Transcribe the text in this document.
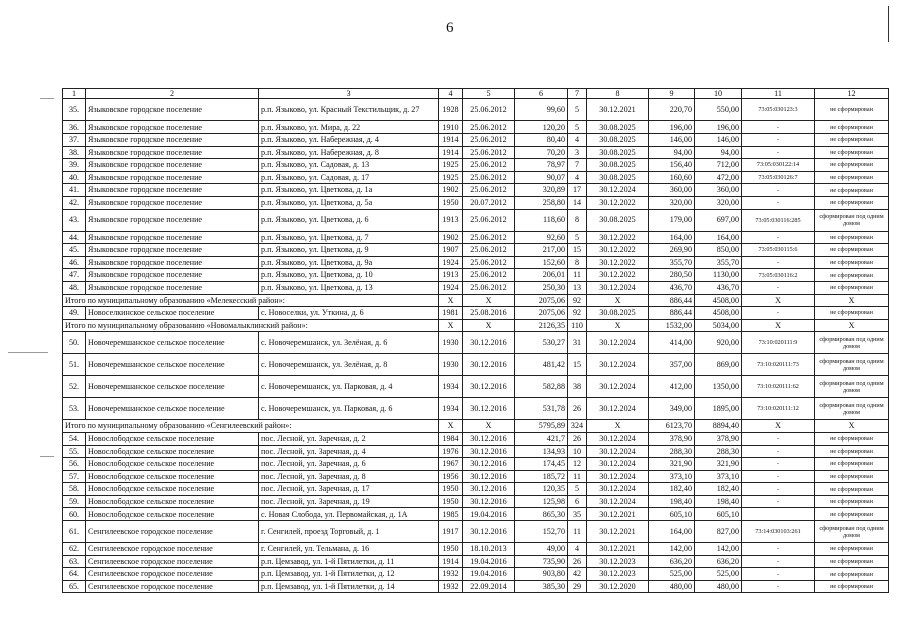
6
1	2	3	4	5	6	7	8	9	10	11	12
35.	Языковское городское поселение	р.п. Языково, ул. Красный Текстильщик, д. 27	1928	25.06.2012	99,60	5	30.12.2021	220,70	550,00	73:05:030123:3	не сформирован
36.	Языковское городское поселение	р.п. Языково, ул. Мира, д. 22	1910	25.06.2012	120,20	5	30.08.2025	196,00	196,00	-	не сформирован
37.	Языковское городское поселение	р.п. Языково, ул. Набережная, д. 4	1914	25.06.2012	80,40	4	30.08.2025	146,00	146,00	-	не сформирован
38.	Языковское городское поселение	р.п. Языково, ул. Набережная, д. 8	1914	25.06.2012	70,20	3	30.08.2025	94,00	94,00	-	не сформирован
39.	Языковское городское поселение	р.п. Языково, ул. Садовая, д. 13	1925	25.06.2012	78,97	7	30.08.2025	156,40	712,00	73:05:030122:14	не сформирован
40.	Языковское городское поселение	р.п. Языково, ул. Садовая, д. 17	1925	25.06.2012	90,07	4	30.08.2025	160,60	472,00	73:05:030126:7	не сформирован
41.	Языковское городское поселение	р.п. Языково, ул. Цветкова, д. 1а	1902	25.06.2012	320,89	17	30.12.2024	360,00	360,00	-	не сформирован
42.	Языковское городское поселение	р.п. Языково, ул. Цветкова, д. 5а	1950	20.07.2012	258,80	14	30.12.2022	320,00	320,00	-	не сформирован
43.	Языковское городское поселение	р.п. Языково, ул. Цветкова, д. 6	1913	25.06.2012	118,60	8	30.08.2025	179,00	697,00	73:05:030116:285	сформирован под одним домом
44.	Языковское городское поселение	р.п. Языково, ул. Цветкова, д. 7	1902	25.06.2012	92,60	5	30.12.2022	164,00	164,00	-	не сформирован
45.	Языковское городское поселение	р.п. Языково, ул. Цветкова, д. 9	1907	25.06.2012	217,00	15	30.12.2022	269,90	850,00	73:05:030115:6	не сформирован
46.	Языковское городское поселение	р.п. Языково, ул. Цветкова, д. 9а	1924	25.06.2012	152,60	8	30.12.2022	355,70	355,70	-	не сформирован
47.	Языковское городское поселение	р.п. Языково, ул. Цветкова, д. 10	1913	25.06.2012	206,01	11	30.12.2022	280,50	1130,00	73:05:030116:2	не сформирован
48.	Языковское городское поселение	р.п. Языково, ул. Цветкова, д. 13	1924	25.06.2012	250,30	13	30.12.2024	436,70	436,70	-	не сформирован
Итого по муниципальному образованию «Мелекесский район»:			X	X	2075,06	92	X	886,44	4508,00	X	X
49.	Новоселкинское сельское поселение	с. Новоселки, ул. Уткина, д. 6	1981	25.08.2016	2075,06	92	30.08.2025	886,44	4508,00	-	не сформирован
Итого по муниципальному образованию «Новомалыклинский район»:			X	X	2126,35	110	X	1532,00	5034,00	X	X
50.	Новочеремшанское сельское поселение	с. Новочеремшанск, ул. Зелёная, д. 6	1930	30.12.2016	530,27	31	30.12.2024	414,00	920,00	73:10:020111:9	сформирован под одним домом
51.	Новочеремшанское сельское поселение	с. Новочеремшанск, ул. Зелёная, д. 8	1930	30.12.2016	481,42	15	30.12.2024	357,00	869,00	73:10:020111:73	сформирован под одним домом
52.	Новочеремшанское сельское поселение	с. Новочеремшанск, ул. Парковая, д. 4	1934	30.12.2016	582,88	38	30.12.2024	412,00	1350,00	73:10:020111:62	сформирован под одним домом
53.	Новочеремшанское сельское поселение	с. Новочеремшанск, ул. Парковая, д. 6	1934	30.12.2016	531,78	26	30.12.2024	349,00	1895,00	73:10:020111:12	сформирован под одним домом
Итого по муниципальному образованию «Сенгилеевский район»:			X	X	5795,89	324	X	6123,70	8894,40	X	X
54.	Новослободское сельское поселение	пос. Лесной, ул. Заречная, д. 2	1984	30.12.2016	421,7	26	30.12.2024	378,90	378,90	-	не сформирован
55.	Новослободское сельское поселение	пос. Лесной, ул. Заречная, д. 4	1976	30.12.2016	134,93	10	30.12.2024	288,30	288,30	-	не сформирован
56.	Новослободское сельское поселение	пос. Лесной, ул. Заречная, д. 6	1967	30.12.2016	174,45	12	30.12.2024	321,90	321,90	-	не сформирован
57.	Новослободское сельское поселение	пос. Лесной, ул. Заречная, д. 8	1956	30.12.2016	185,72	11	30.12.2024	373,10	373,10	-	не сформирован
58.	Новослободское сельское поселение	пос. Лесной, ул. Заречная, д. 17	1950	30.12.2016	120,35	5	30.12.2024	182,40	182,40	-	не сформирован
59.	Новослободское сельское поселение	пос. Лесной, ул. Заречная, д. 19	1950	30.12.2016	125,98	6	30.12.2024	198,40	198,40	-	не сформирован
60.	Новослободское сельское поселение	с. Новая Слобода, ул. Первомайская, д. 1А	1985	19.04.2016	865,30	35	30.12.2021	605,10	605,10		не сформирован
61.	Сенгилеевское городское поселение	г. Сенгилей, проезд Торговый, д. 1	1917	30.12.2016	152,70	11	30.12.2021	164,00	827,00	73:14:030103:261	сформирован под одним домом
62.	Сенгилеевское городское поселение	г. Сенгилей, ул. Тельмана, д. 16	1950	18.10.2013	49,00	4	30.12.2021	142,00	142,00	-	не сформирован
63.	Сенгилеевское городское поселение	р.п. Цемзавод, ул. 1-й Пятилетки, д. 11	1914	19.04.2016	735,90	26	30.12.2023	636,20	636,20	-	не сформирован
64.	Сенгилеевское городское поселение	р.п. Цемзавод, ул. 1-й Пятилетки, д. 12	1932	19.04.2016	903,80	42	30.12.2023	525,00	525,00	-	не сформирован
65.	Сенгилеевское городское поселение	р.п. Цемзавод, ул. 1-й Пятилетки, д. 14	1932	22.09.2014	385,30	29	30.12.2020	480,00	480,00	-	не сформирован
